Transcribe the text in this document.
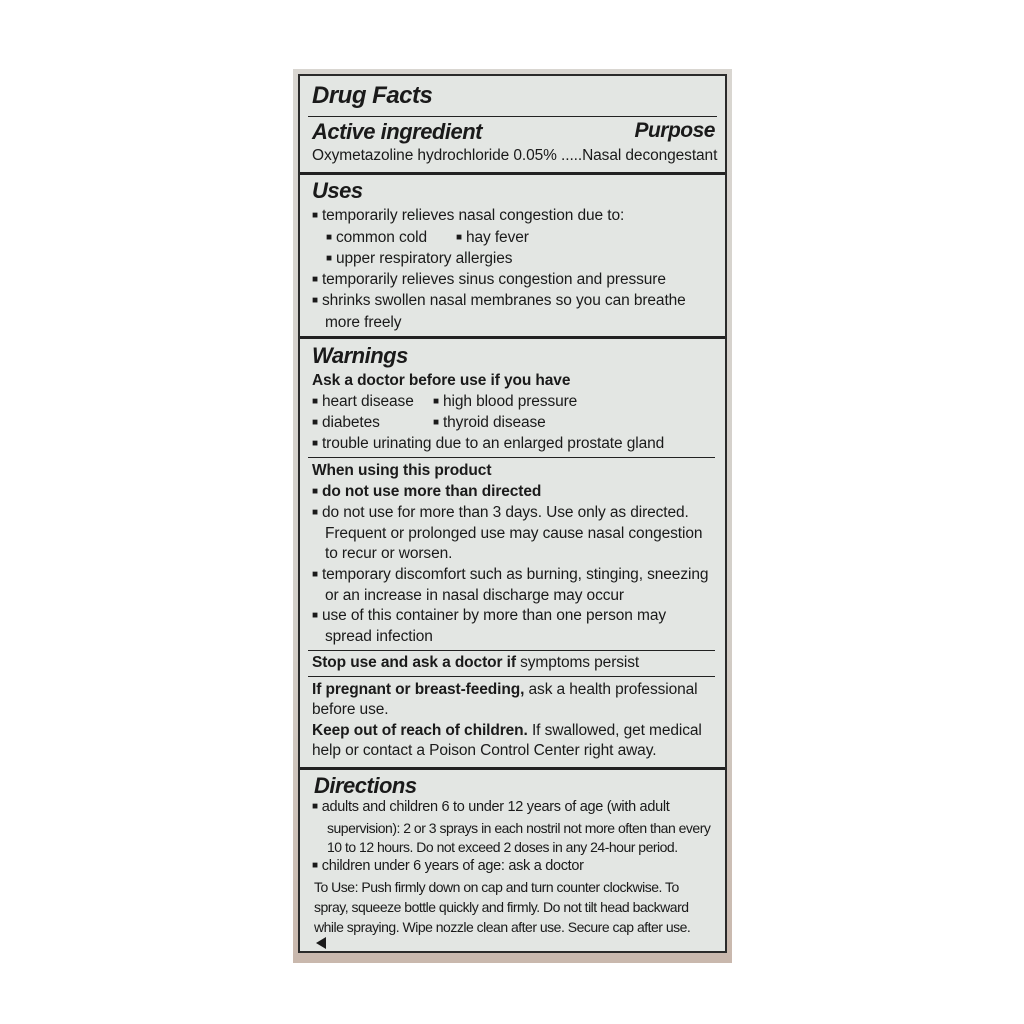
Drug Facts
Active ingredient	Purpose
Oxymetazoline hydrochloride 0.05% .....Nasal decongestant
Uses
■ temporarily relieves nasal congestion due to:
■ common cold	■ hay fever
■ upper respiratory allergies
■ temporarily relieves sinus congestion and pressure
■ shrinks swollen nasal membranes so you can breathe
more freely
Warnings
Ask a doctor before use if you have
■ heart disease	■ high blood pressure
■ diabetes	■ thyroid disease
■ trouble urinating due to an enlarged prostate gland
When using this product
■ do not use more than directed
■ do not use for more than 3 days. Use only as directed.
Frequent or prolonged use may cause nasal congestion
to recur or worsen.
■ temporary discomfort such as burning, stinging, sneezing
or an increase in nasal discharge may occur
■ use of this container by more than one person may
spread infection
Stop use and ask a doctor if symptoms persist
If pregnant or breast-feeding, ask a health professional
before use.
Keep out of reach of children. If swallowed, get medical
help or contact a Poison Control Center right away.
Directions
■ adults and children 6 to under 12 years of age (with adult
supervision): 2 or 3 sprays in each nostril not more often than every
10 to 12 hours. Do not exceed 2 doses in any 24-hour period.
■ children under 6 years of age: ask a doctor
To Use: Push firmly down on cap and turn counter clockwise. To
spray, squeeze bottle quickly and firmly. Do not tilt head backward
while spraying. Wipe nozzle clean after use. Secure cap after use.
